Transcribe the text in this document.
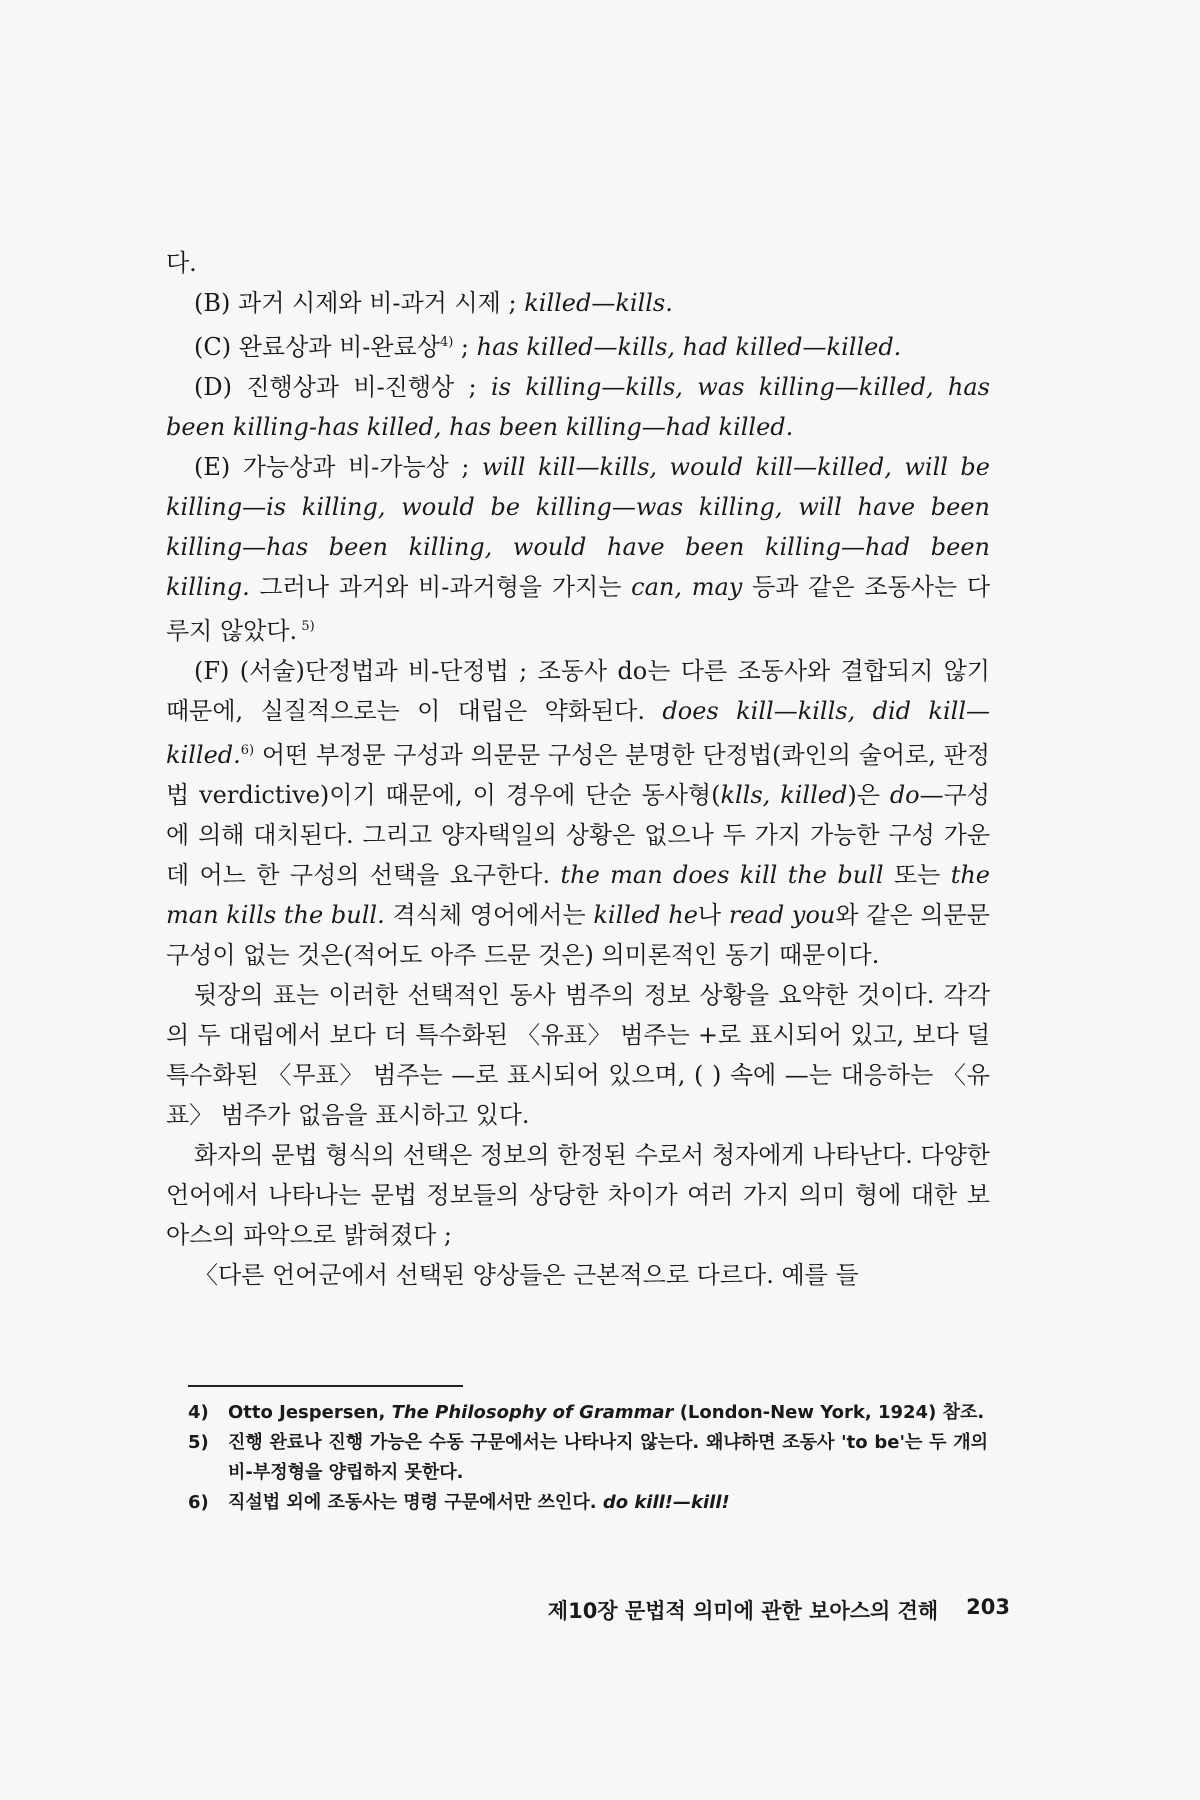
다.

(B) 과거 시제와 비-과거 시제 ; killed—kills.

(C) 완료상과 비-완료상$^{4)}$ ; has killed—kills, had killed—killed.

(D) 진행상과 비-진행상 ; is killing—kills, was killing—killed, has been killing-has killed, has been killing—had killed.

(E) 가능상과 비-가능상 ; will kill—kills, would kill—killed, will be killing—is killing, would be killing—was killing, will have been killing—has been killing, would have been killing—had been killing. 그러나 과거와 비-과거형을 가지는 can, may 등과 같은 조동사는 다루지 않았다. $^{5)}$

(F) (서술)단정법과 비-단정법 ; 조동사 do는 다른 조동사와 결합되지 않기 때문에, 실질적으로는 이 대립은 약화된다. does kill—kills, did kill—killed.$^{6)}$ 어떤 부정문 구성과 의문문 구성은 분명한 단정법(콰인의 술어로, 판정법 verdictive)이기 때문에, 이 경우에 단순 동사형(klls, killed)은 do—구성에 의해 대치된다. 그리고 양자택일의 상황은 없으나 두 가지 가능한 구성 가운데 어느 한 구성의 선택을 요구한다. the man does kill the bull 또는 the man kills the bull. 격식체 영어에서는 killed he나 read you와 같은 의문문 구성이 없는 것은(적어도 아주 드문 것은) 의미론적인 동기 때문이다.

뒷장의 표는 이러한 선택적인 동사 범주의 정보 상황을 요약한 것이다. 각각의 두 대립에서 보다 더 특수화된 〈유표〉 범주는 +로 표시되어 있고, 보다 덜 특수화된 〈무표〉 범주는 —로 표시되어 있으며, ( ) 속에 —는 대응하는 〈유표〉 범주가 없음을 표시하고 있다.

화자의 문법 형식의 선택은 정보의 한정된 수로서 청자에게 나타난다. 다양한 언어에서 나타나는 문법 정보들의 상당한 차이가 여러 가지 의미 형에 대한 보아스의 파악으로 밝혀졌다 ;

〈다른 언어군에서 선택된 양상들은 근본적으로 다르다. 예를 들

4)	Otto Jespersen, The Philosophy of Grammar (London-New York, 1924) 참조.

5)	진행 완료나 진행 가능은 수동 구문에서는 나타나지 않는다. 왜냐하면 조동사 'to be'는 두 개의 비-부정형을 양립하지 못한다.

6)	직설법 외에 조동사는 명령 구문에서만 쓰인다. do kill!—kill!

제10장 문법적 의미에 관한 보아스의 견해 203
